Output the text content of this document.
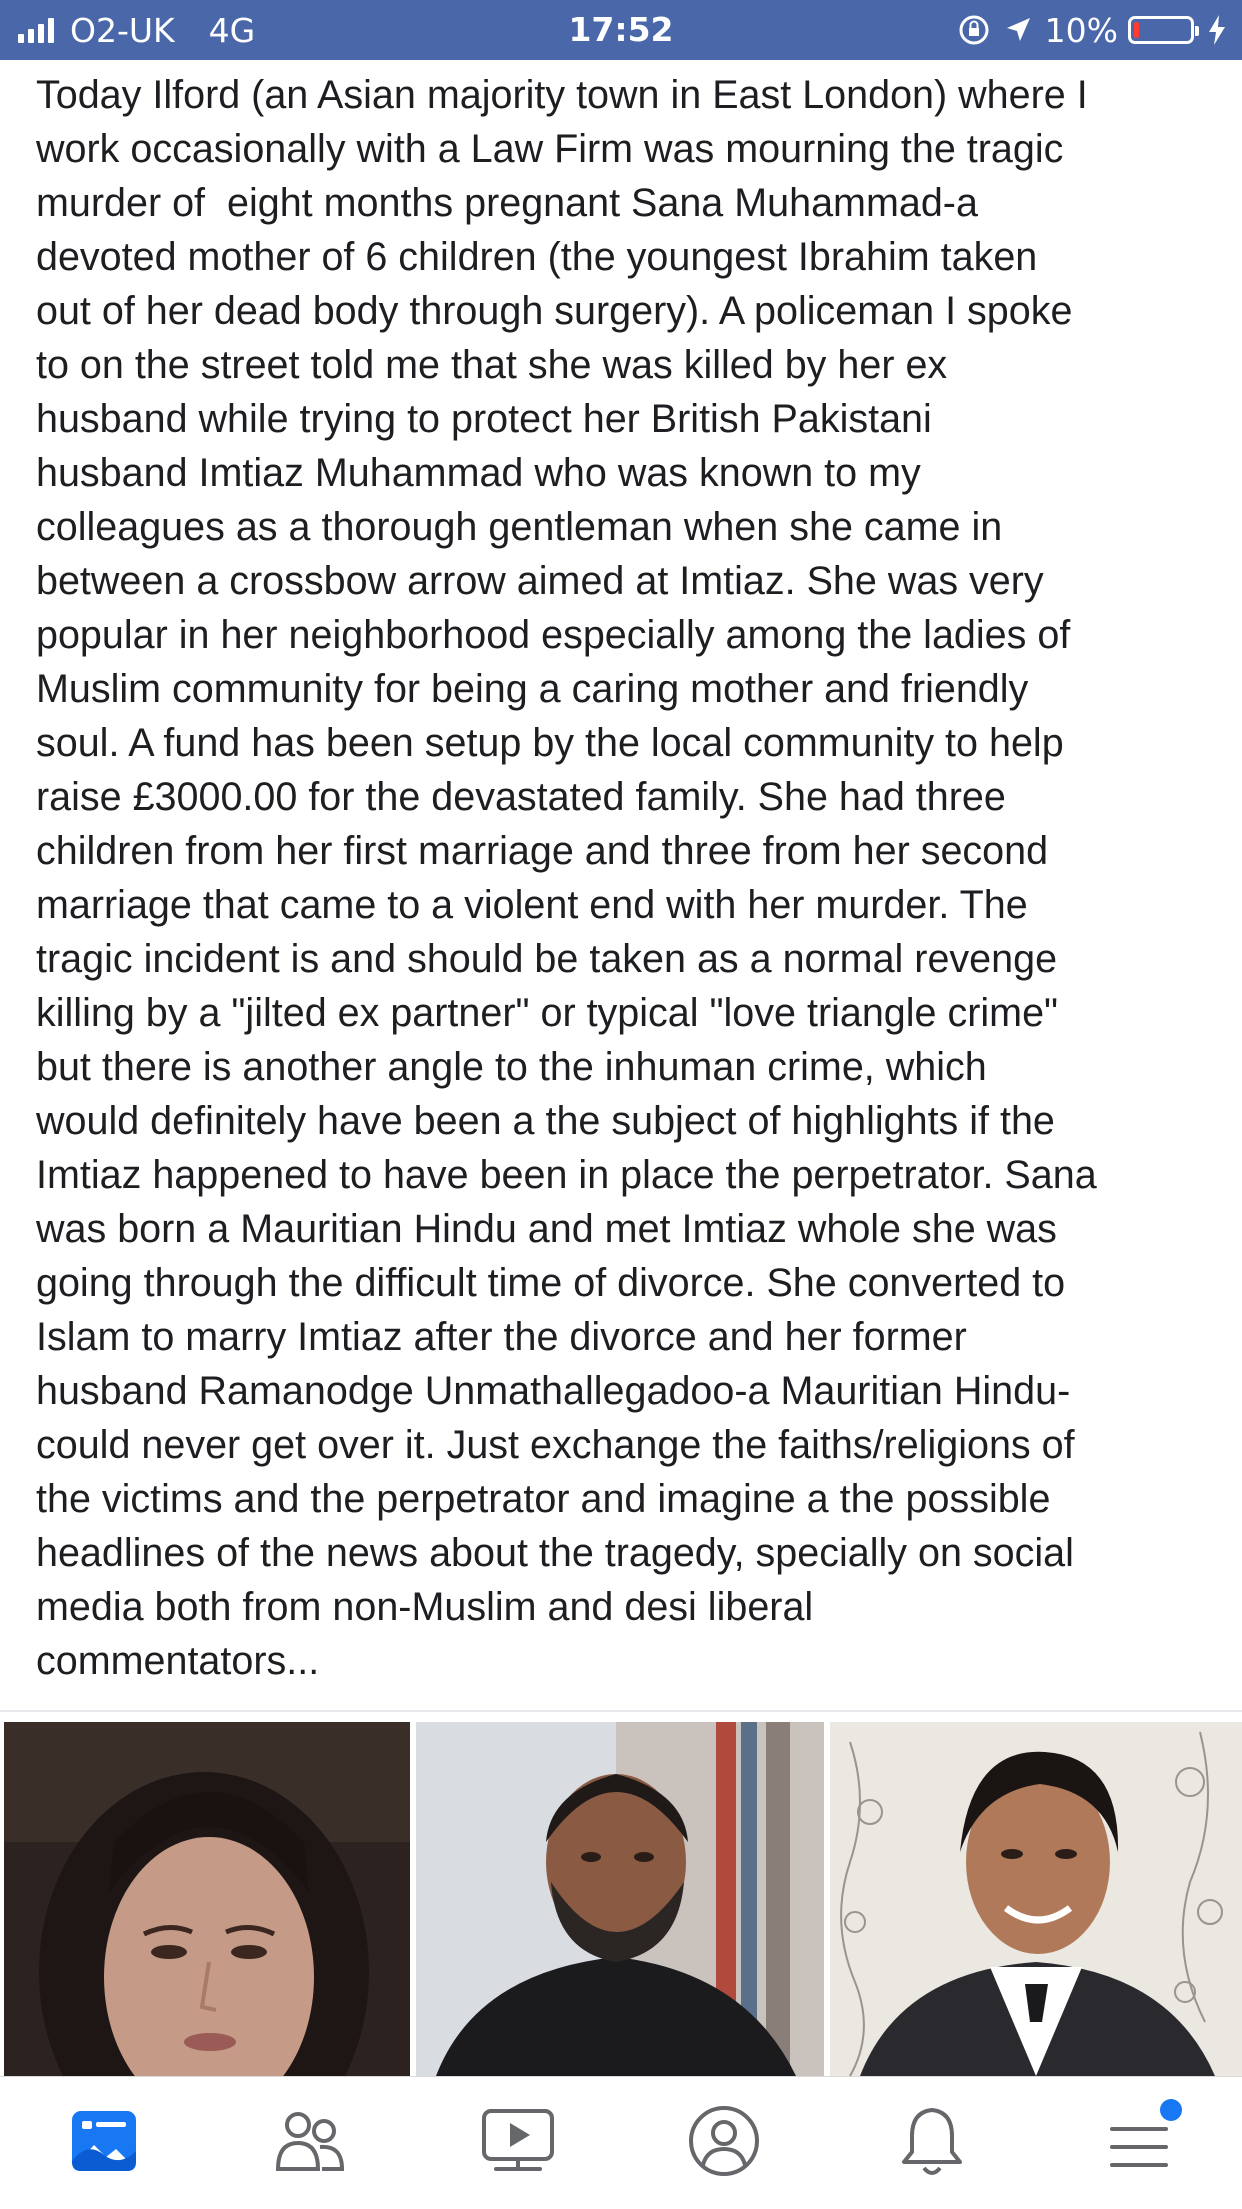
O2-UK 4G	17:52	10%

Today Ilford (an Asian majority town in East London) where I
work occasionally with a Law Firm was mourning the tragic
murder of  eight months pregnant Sana Muhammad-a
devoted mother of 6 children (the youngest Ibrahim taken
out of her dead body through surgery). A policeman I spoke
to on the street told me that she was killed by her ex
husband while trying to protect her British Pakistani
husband Imtiaz Muhammad who was known to my
colleagues as a thorough gentleman when she came in
between a crossbow arrow aimed at Imtiaz. She was very
popular in her neighborhood especially among the ladies of
Muslim community for being a caring mother and friendly
soul. A fund has been setup by the local community to help
raise £3000.00 for the devastated family. She had three
children from her first marriage and three from her second
marriage that came to a violent end with her murder. The
tragic incident is and should be taken as a normal revenge
killing by a "jilted ex partner" or typical "love triangle crime"
but there is another angle to the inhuman crime, which
would definitely have been a the subject of highlights if the
Imtiaz happened to have been in place the perpetrator. Sana
was born a Mauritian Hindu and met Imtiaz whole she was
going through the difficult time of divorce. She converted to
Islam to marry Imtiaz after the divorce and her former
husband Ramanodge Unmathallegadoo-a Mauritian Hindu-
could never get over it. Just exchange the faiths/religions of
the victims and the perpetrator and imagine a the possible
headlines of the news about the tragedy, specially on social
media both from non-Muslim and desi liberal
commentators...
